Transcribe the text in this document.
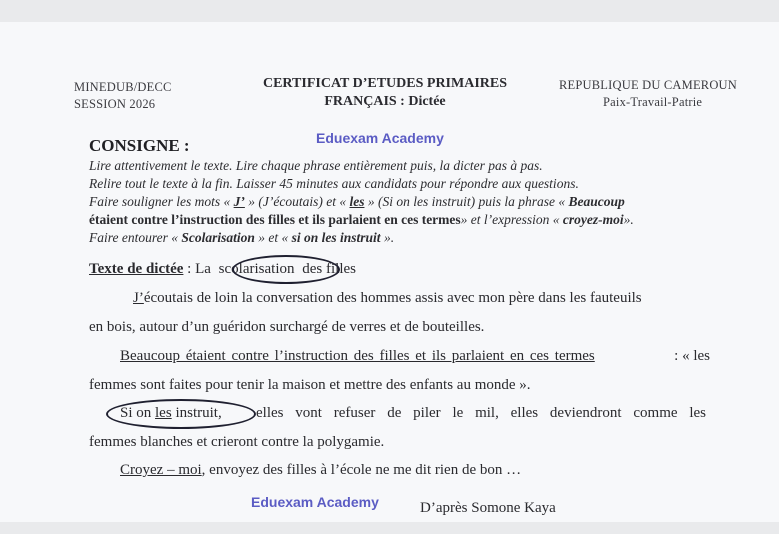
MINEDUB/DECC
SESSION 2026
CERTIFICAT D’ETUDES PRIMAIRES
FRANÇAIS : Dictée
REPUBLIQUE DU CAMEROUN
Paix-Travail-Patrie
Eduexam Academy
CONSIGNE :
Lire attentivement le texte. Lire chaque phrase entièrement puis, la dicter pas à pas.
Relire tout le texte à la fin. Laisser 45 minutes aux candidats pour répondre aux questions.
Faire souligner les mots « J’ » (J’écoutais) et « les » (Si on les instruit) puis la phrase « Beaucoup
étaient contre l’instruction des filles et ils parlaient en ces termes» et l’expression « croyez-moi».
Faire entourer « Scolarisation » et « si on les instruit ».
Texte de dictée : La scolarisation des filles
J’écoutais de loin la conversation des hommes assis avec mon père dans les fauteuils
en bois, autour d’un guéridon surchargé de verres et de bouteilles.
Beaucoup étaient contre l’instruction des filles et ils parlaient en ces termes	: « les
femmes sont faites pour tenir la maison et mettre des enfants au monde ».
Si on les instruit, elles vont refuser de piler le mil, elles deviendront comme les
femmes blanches et crieront contre la polygamie.
Croyez – moi, envoyez des filles à l’école ne me dit rien de bon …
Eduexam Academy	D’après Somone Kaya
